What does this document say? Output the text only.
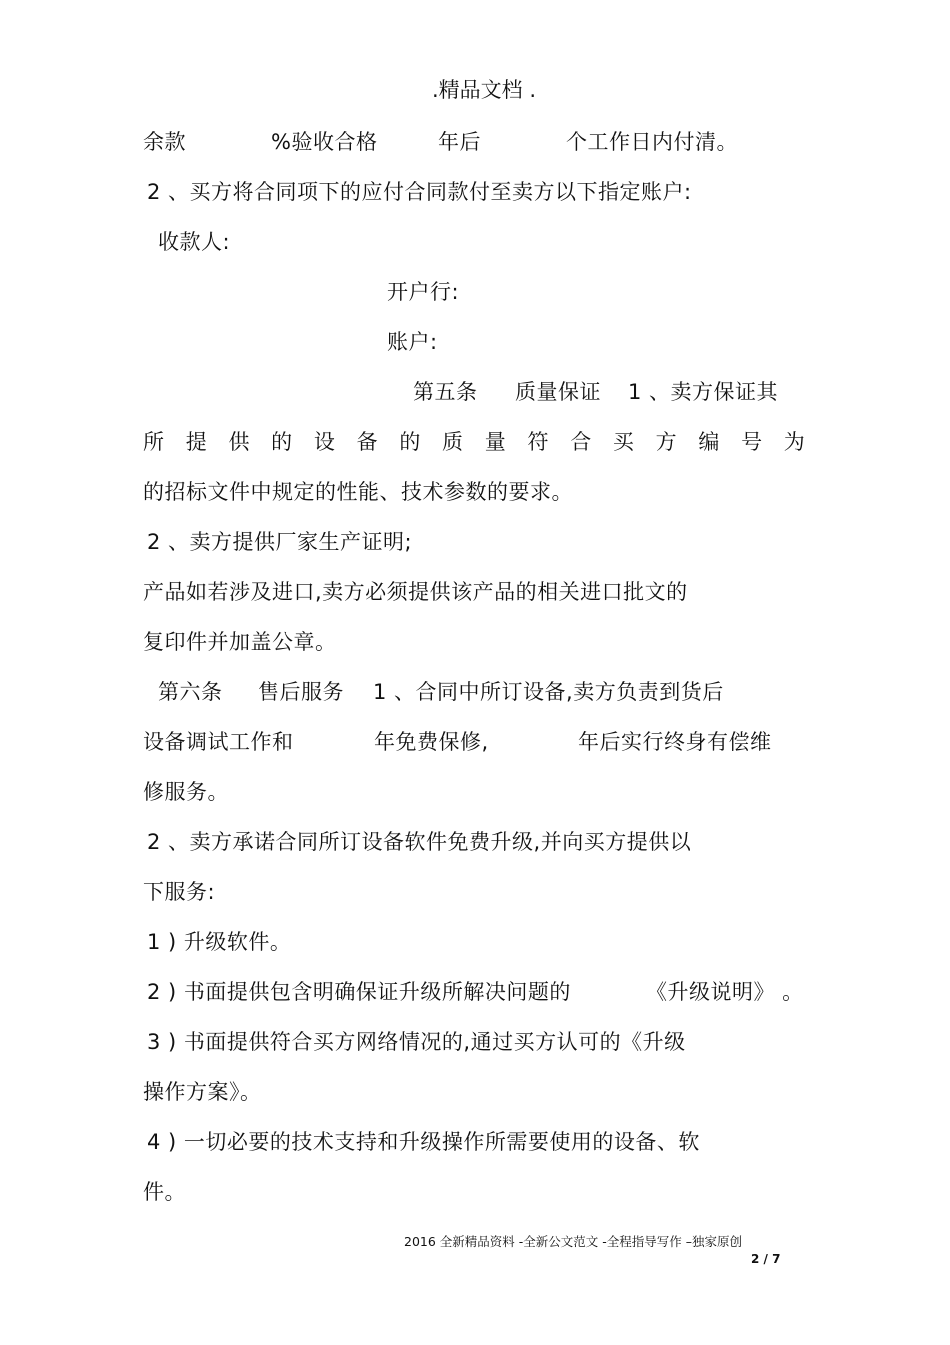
.精品文档 .
余款	%验收合格	年后	个工作日内付清。
2 、买方将合同项下的应付合同款付至卖方以下指定账户:
收款人:
开户行:
账户:
第五条 质量保证 1 、卖方保证其
所 提 供 的 设 备 的 质 量 符 合 买 方 编 号 为
的招标文件中规定的性能、技术参数的要求。
2 、卖方提供厂家生产证明;
产品如若涉及进口,卖方必须提供该产品的相关进口批文的
复印件并加盖公章。
第六条 售后服务 1 、合同中所订设备,卖方负责到货后
设备调试工作和	年免费保修,	年后实行终身有偿维
修服务。
2 、卖方承诺合同所订设备软件免费升级,并向买方提供以
下服务:
1 ) 升级软件。
2 ) 书面提供包含明确保证升级所解决问题的	《升级说明》 。
3 ) 书面提供符合买方网络情况的,通过买方认可的《升级
操作方案》。
4 ) 一切必要的技术支持和升级操作所需要使用的设备、软
件。
2016 全新精品资料 -全新公文范文 -全程指导写作 –独家原创
2 / 7
